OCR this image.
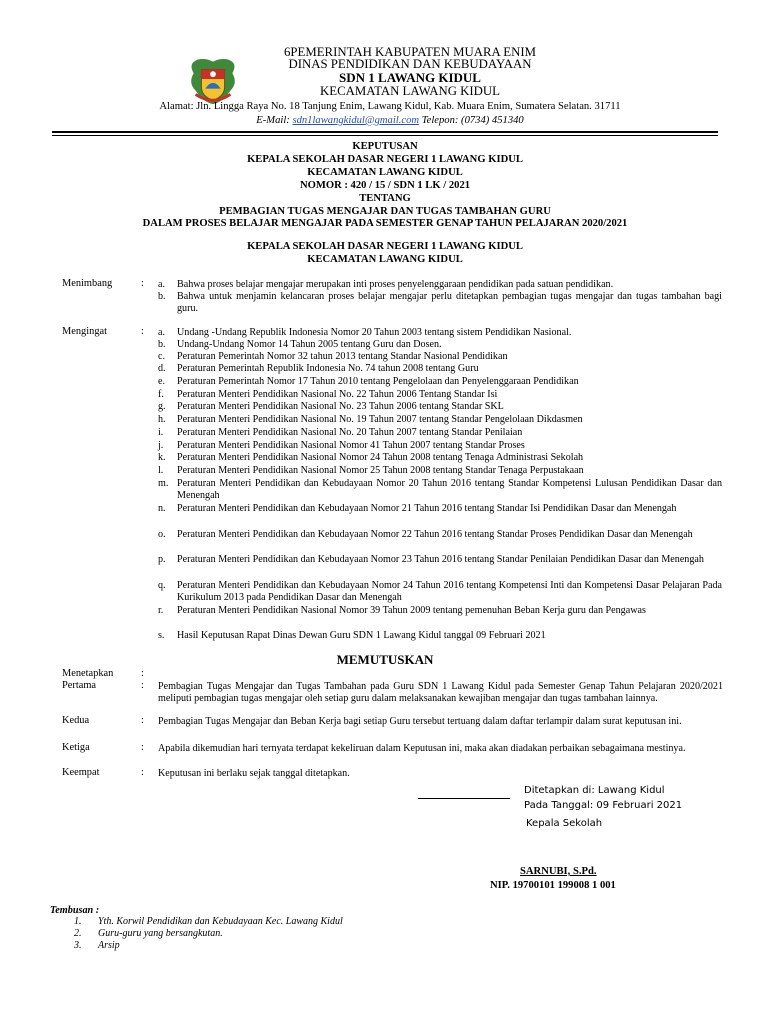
6PEMERINTAH KABUPATEN MUARA ENIM
DINAS PENDIDIKAN DAN KEBUDAYAAN
SDN 1 LAWANG KIDUL
KECAMATAN LAWANG KIDUL
Alamat: Jln. Lingga Raya No. 18 Tanjung Enim, Lawang Kidul, Kab. Muara Enim, Sumatera Selatan. 31711
E-Mail: sdn1lawangkidul@gmail.com Telepon: (0734) 451340
KEPUTUSAN
KEPALA SEKOLAH DASAR NEGERI 1 LAWANG KIDUL
KECAMATAN LAWANG KIDUL
NOMOR : 420 / 15 / SDN 1 LK / 2021
TENTANG
PEMBAGIAN TUGAS MENGAJAR DAN TUGAS TAMBAHAN GURU
DALAM PROSES BELAJAR MENGAJAR PADA SEMESTER GENAP TAHUN PELAJARAN 2020/2021
KEPALA SEKOLAH DASAR NEGERI 1 LAWANG KIDUL
KECAMATAN LAWANG KIDUL
Menimbang	: a.	Bahwa proses belajar mengajar merupakan inti proses penyelenggaraan pendidikan pada satuan pendidikan.
b.	Bahwa untuk menjamin kelancaran proses belajar mengajar perlu ditetapkan pembagian tugas mengajar dan tugas tambahan bagi guru.
Mengingat	: a.	Undang -Undang Republik Indonesia Nomor 20 Tahun 2003 tentang sistem Pendidikan Nasional.
b.	Undang-Undang Nomor 14 Tahun 2005 tentang Guru dan Dosen.
c.	Peraturan Pemerintah Nomor 32 tahun 2013 tentang Standar Nasional Pendidikan
d.	Peraturan Pemerintah Republik Indonesia No. 74 tahun 2008 tentang Guru
e.	Peraturan Pemerintah Nomor 17 Tahun 2010 tentang Pengelolaan dan Penyelenggaraan Pendidikan
f.	Peraturan Menteri Pendidikan Nasional No. 22 Tahun 2006 Tentang Standar Isi
g.	Peraturan Menteri Pendidikan Nasional No. 23 Tahun 2006 tentang Standar SKL
h.	Peraturan Menteri Pendidikan Nasional No. 19 Tahun 2007 tentang Standar Pengelolaan Dikdasmen
i.	Peraturan Menteri Pendidikan Nasional No. 20 Tahun 2007 tentang Standar Penilaian
j.	Peraturan Menteri Pendidikan Nasional Nomor 41 Tahun 2007 tentang Standar Proses
k.	Peraturan Menteri Pendidikan Nasional Nomor 24 Tahun 2008 tentang Tenaga Administrasi Sekolah
l.	Peraturan Menteri Pendidikan Nasional Nomor 25 Tahun 2008 tentang Standar Tenaga Perpustakaan
m. Peraturan Menteri Pendidikan dan Kebudayaan Nomor 20 Tahun 2016 tentang Standar Kompetensi Lulusan Pendidikan Dasar dan Menengah
n.	Peraturan Menteri Pendidikan dan Kebudayaan Nomor 21 Tahun 2016 tentang Standar Isi Pendidikan Dasar dan Menengah
o.	Peraturan Menteri Pendidikan dan Kebudayaan Nomor 22 Tahun 2016 tentang Standar Proses Pendidikan Dasar dan Menengah
p.	Peraturan Menteri Pendidikan dan Kebudayaan Nomor 23 Tahun 2016 tentang Standar Penilaian Pendidikan Dasar dan Menengah
q.	Peraturan Menteri Pendidikan dan Kebudayaan Nomor 24 Tahun 2016 tentang Kompetensi Inti dan Kompetensi Dasar Pelajaran Pada Kurikulum 2013 pada Pendidikan Dasar dan Menengah
r.	Peraturan Menteri Pendidikan Nasional Nomor 39 Tahun 2009 tentang pemenuhan Beban Kerja guru dan Pengawas
s.	Hasil Keputusan Rapat Dinas Dewan Guru SDN 1 Lawang Kidul tanggal 09 Februari 2021
MEMUTUSKAN
Menetapkan	:
Pertama	: Pembagian Tugas Mengajar dan Tugas Tambahan pada Guru SDN 1 Lawang Kidul pada Semester Genap Tahun Pelajaran 2020/2021 meliputi pembagian tugas mengajar oleh setiap guru dalam melaksanakan kewajiban mengajar dan tugas tambahan lainnya.
Kedua	: Pembagian Tugas Mengajar dan Beban Kerja bagi setiap Guru tersebut tertuang dalam daftar terlampir dalam surat keputusan ini.
Ketiga	: Apabila dikemudian hari ternyata terdapat kekeliruan dalam Keputusan ini, maka akan diadakan perbaikan sebagaimana mestinya.
Keempat	: Keputusan ini berlaku sejak tanggal ditetapkan.
Ditetapkan di: Lawang Kidul
Pada Tanggal: 09 Februari 2021
Kepala Sekolah
SARNUBI, S.Pd.
NIP. 19700101 199008 1 001
Tembusan :
1. Yth. Korwil Pendidikan dan Kebudayaan Kec. Lawang Kidul
2. Guru-guru yang bersangkutan.
3. Arsip
